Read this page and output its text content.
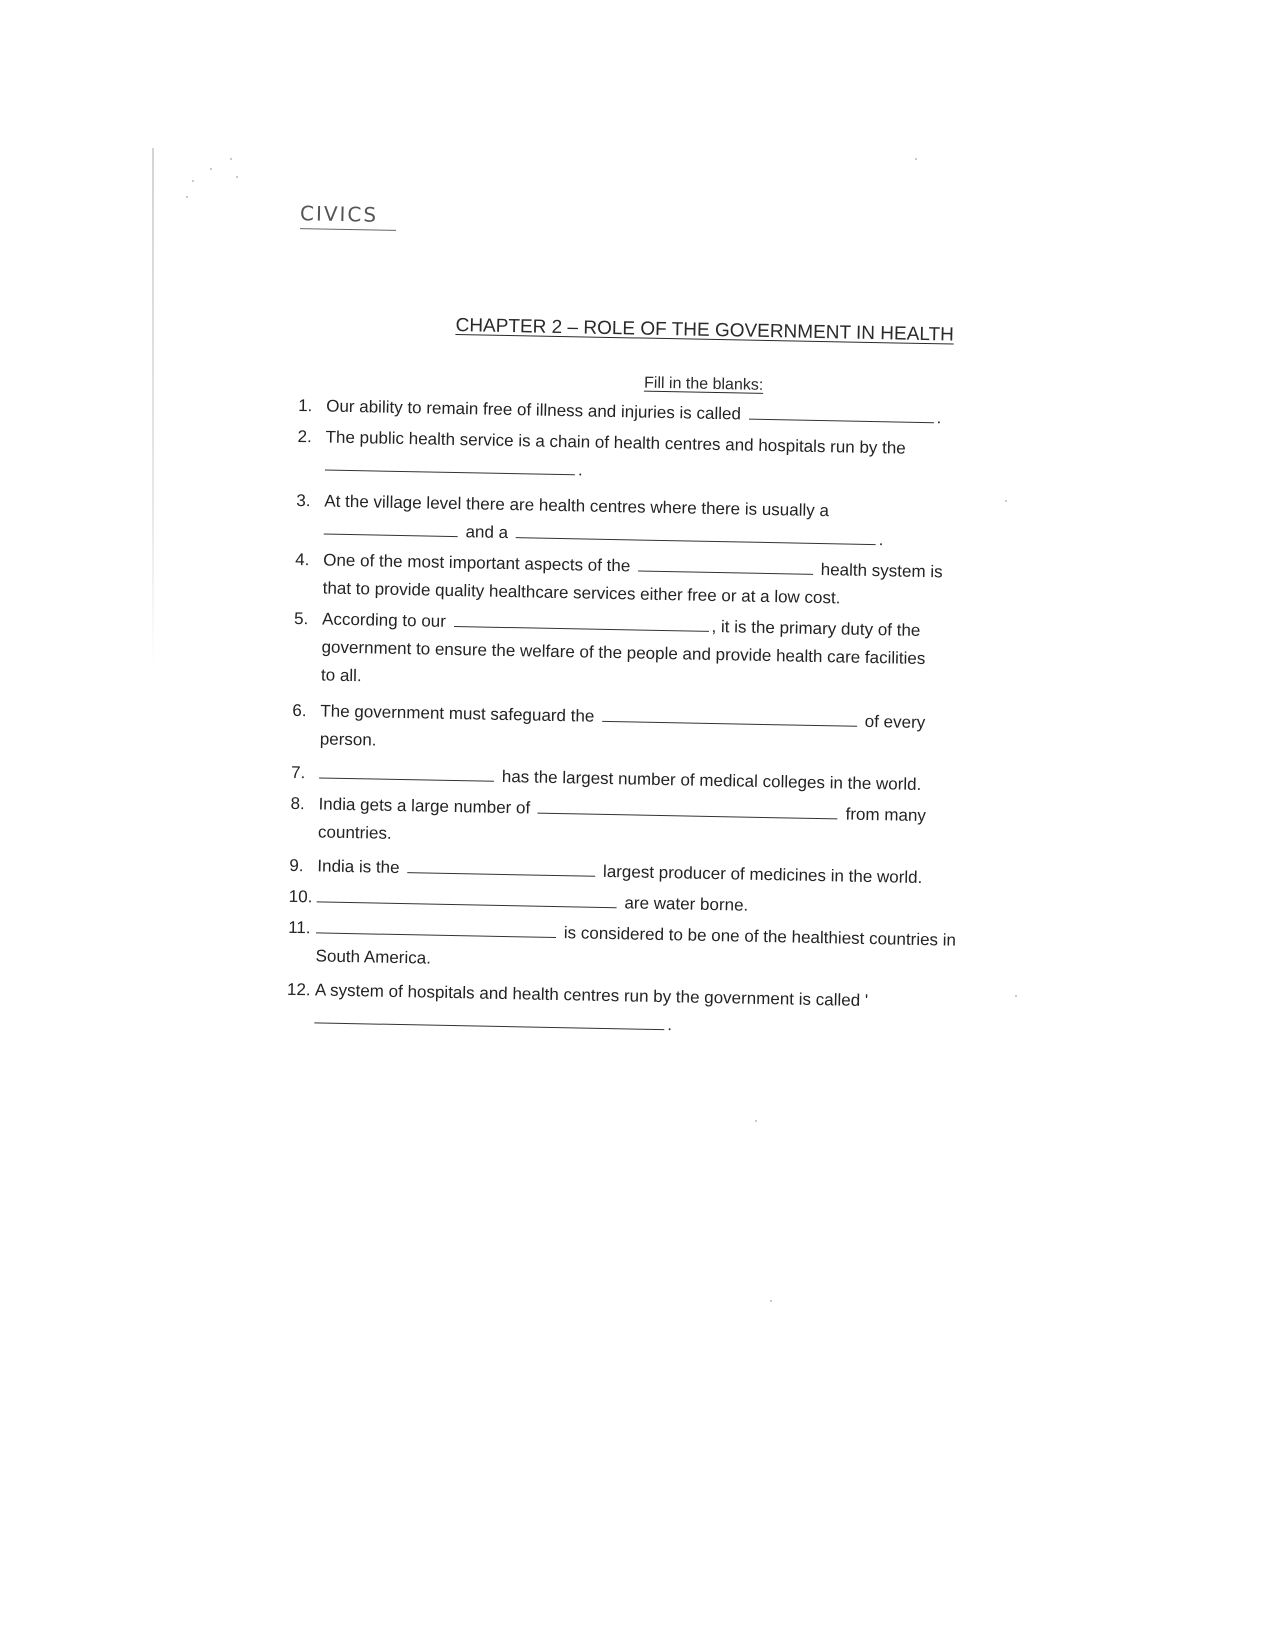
CIVICS
CHAPTER 2 – ROLE OF THE GOVERNMENT IN HEALTH
Fill in the blanks:
1. Our ability to remain free of illness and injuries is called	.
2. The public health service is a chain of health centres and hospitals run by the
.
3. At the village level there are health centres where there is usually a
and a	.
4. One of the most important aspects of the	health system is
that to provide quality healthcare services either free or at a low cost.
5. According to our	, it is the primary duty of the
government to ensure the welfare of the people and provide health care facilities
to all.
6. The government must safeguard the	of every
person.
7.	has the largest number of medical colleges in the world.
8. India gets a large number of	from many
countries.
9. India is the	largest producer of medicines in the world.
10.	are water borne.
11.	is considered to be one of the healthiest countries in
South America.
12. A system of hospitals and health centres run by the government is called '
.
